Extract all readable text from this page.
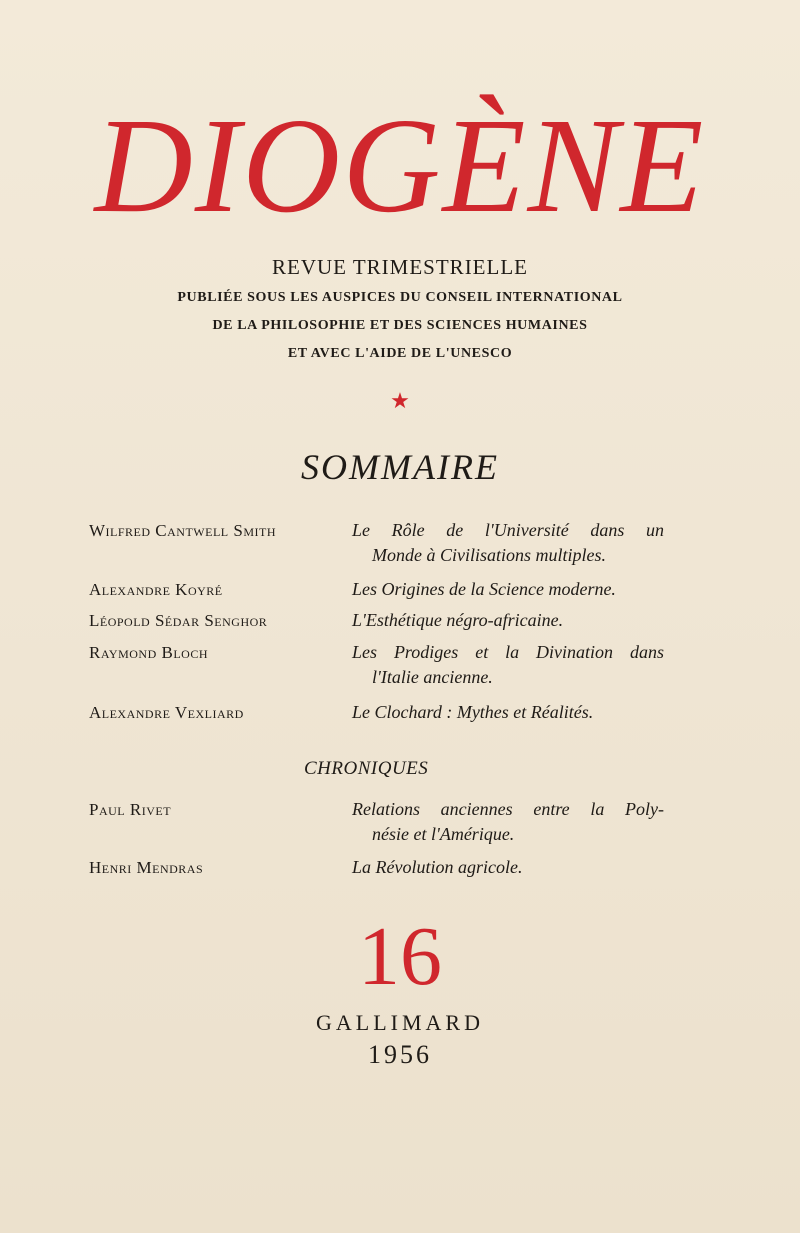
DIOGÈNE
REVUE TRIMESTRIELLE
PUBLIÉE SOUS LES AUSPICES DU CONSEIL INTERNATIONAL
DE LA PHILOSOPHIE ET DES SCIENCES HUMAINES
ET AVEC L'AIDE DE L'UNESCO
★
SOMMAIRE
Wilfred Cantwell Smith	Le Rôle de l'Université dans un
Monde à Civilisations multiples.
Alexandre Koyré	Les Origines de la Science moderne.
Léopold Sédar Senghor	L'Esthétique négro-africaine.
Raymond Bloch	Les Prodiges et la Divination dans
l'Italie ancienne.
Alexandre Vexliard	Le Clochard : Mythes et Réalités.
CHRONIQUES
Paul Rivet	Relations anciennes entre la Poly-
nésie et l'Amérique.
Henri Mendras	La Révolution agricole.
16
GALLIMARD
1956
